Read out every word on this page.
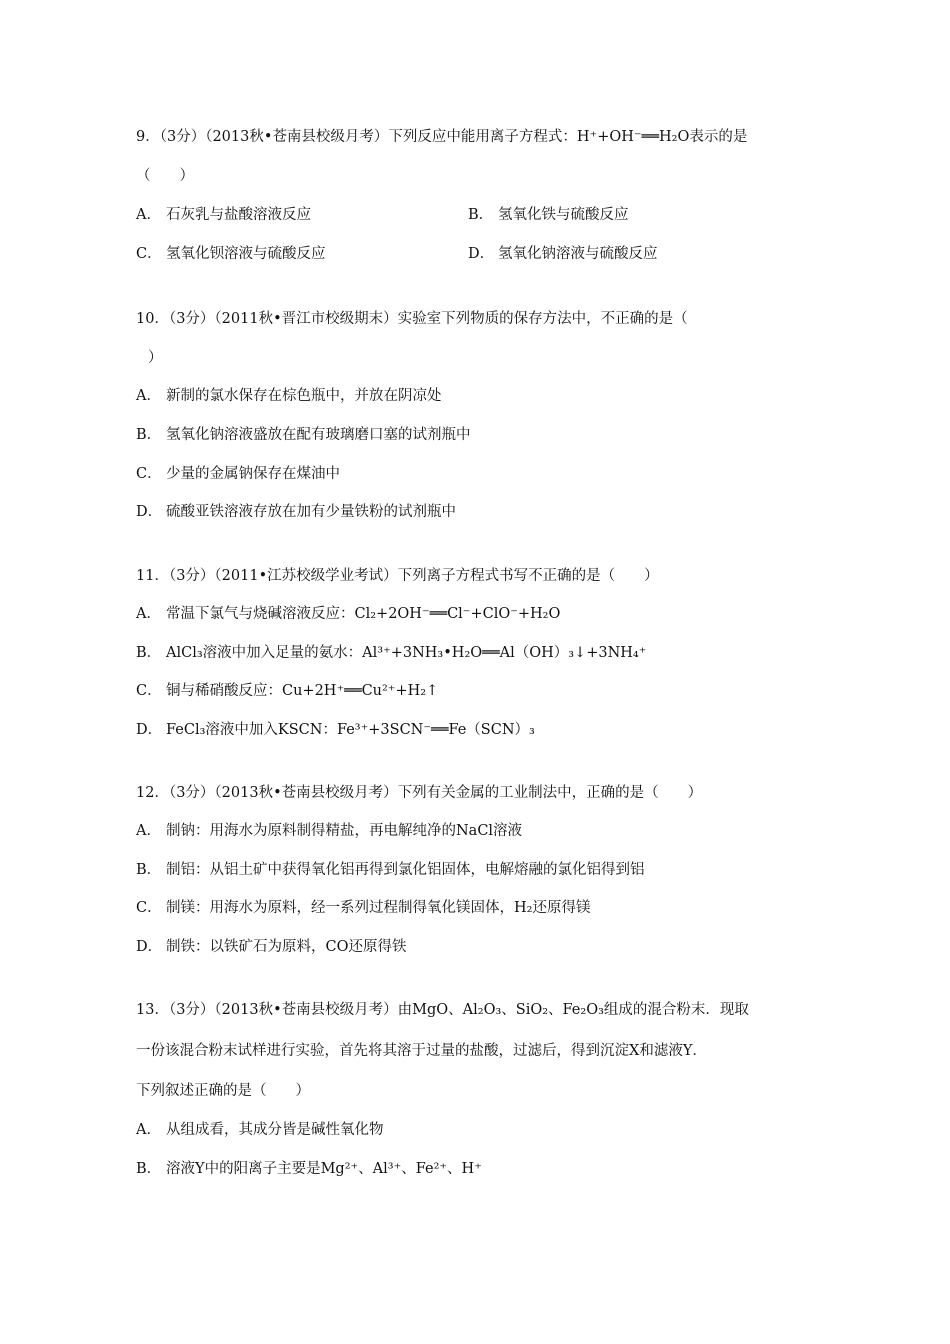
9．（3分）（2013秋•苍南县校级月考）下列反应中能用离子方程式：H⁺+OH⁻══H₂O表示的是
（　　）
A． 石灰乳与盐酸溶液反应	B． 氢氧化铁与硫酸反应
C． 氢氧化钡溶液与硫酸反应	D． 氢氧化钠溶液与硫酸反应
10．（3分）（2011秋•晋江市校级期末）实验室下列物质的保存方法中，不正确的是（
）
A． 新制的氯水保存在棕色瓶中，并放在阴凉处
B． 氢氧化钠溶液盛放在配有玻璃磨口塞的试剂瓶中
C． 少量的金属钠保存在煤油中
D． 硫酸亚铁溶液存放在加有少量铁粉的试剂瓶中
11．（3分）（2011•江苏校级学业考试）下列离子方程式书写不正确的是（　　）
A． 常温下氯气与烧碱溶液反应：Cl₂+2OH⁻══Cl⁻+ClO⁻+H₂O
B． AlCl₃溶液中加入足量的氨水：Al³⁺+3NH₃•H₂O══Al（OH）₃↓+3NH₄⁺
C． 铜与稀硝酸反应：Cu+2H⁺══Cu²⁺+H₂↑
D． FeCl₃溶液中加入KSCN：Fe³⁺+3SCN⁻══Fe（SCN）₃
12．（3分）（2013秋•苍南县校级月考）下列有关金属的工业制法中，正确的是（　　）
A． 制钠：用海水为原料制得精盐，再电解纯净的NaCl溶液
B． 制铝：从铝土矿中获得氧化铝再得到氯化铝固体，电解熔融的氯化铝得到铝
C． 制镁：用海水为原料，经一系列过程制得氧化镁固体，H₂还原得镁
D． 制铁：以铁矿石为原料，CO还原得铁
13．（3分）（2013秋•苍南县校级月考）由MgO、Al₂O₃、SiO₂、Fe₂O₃组成的混合粉末．现取
一份该混合粉末试样进行实验，首先将其溶于过量的盐酸，过滤后，得到沉淀X和滤液Y．
下列叙述正确的是（　　）
A． 从组成看，其成分皆是碱性氧化物
B． 溶液Y中的阳离子主要是Mg²⁺、Al³⁺、Fe²⁺、H⁺
